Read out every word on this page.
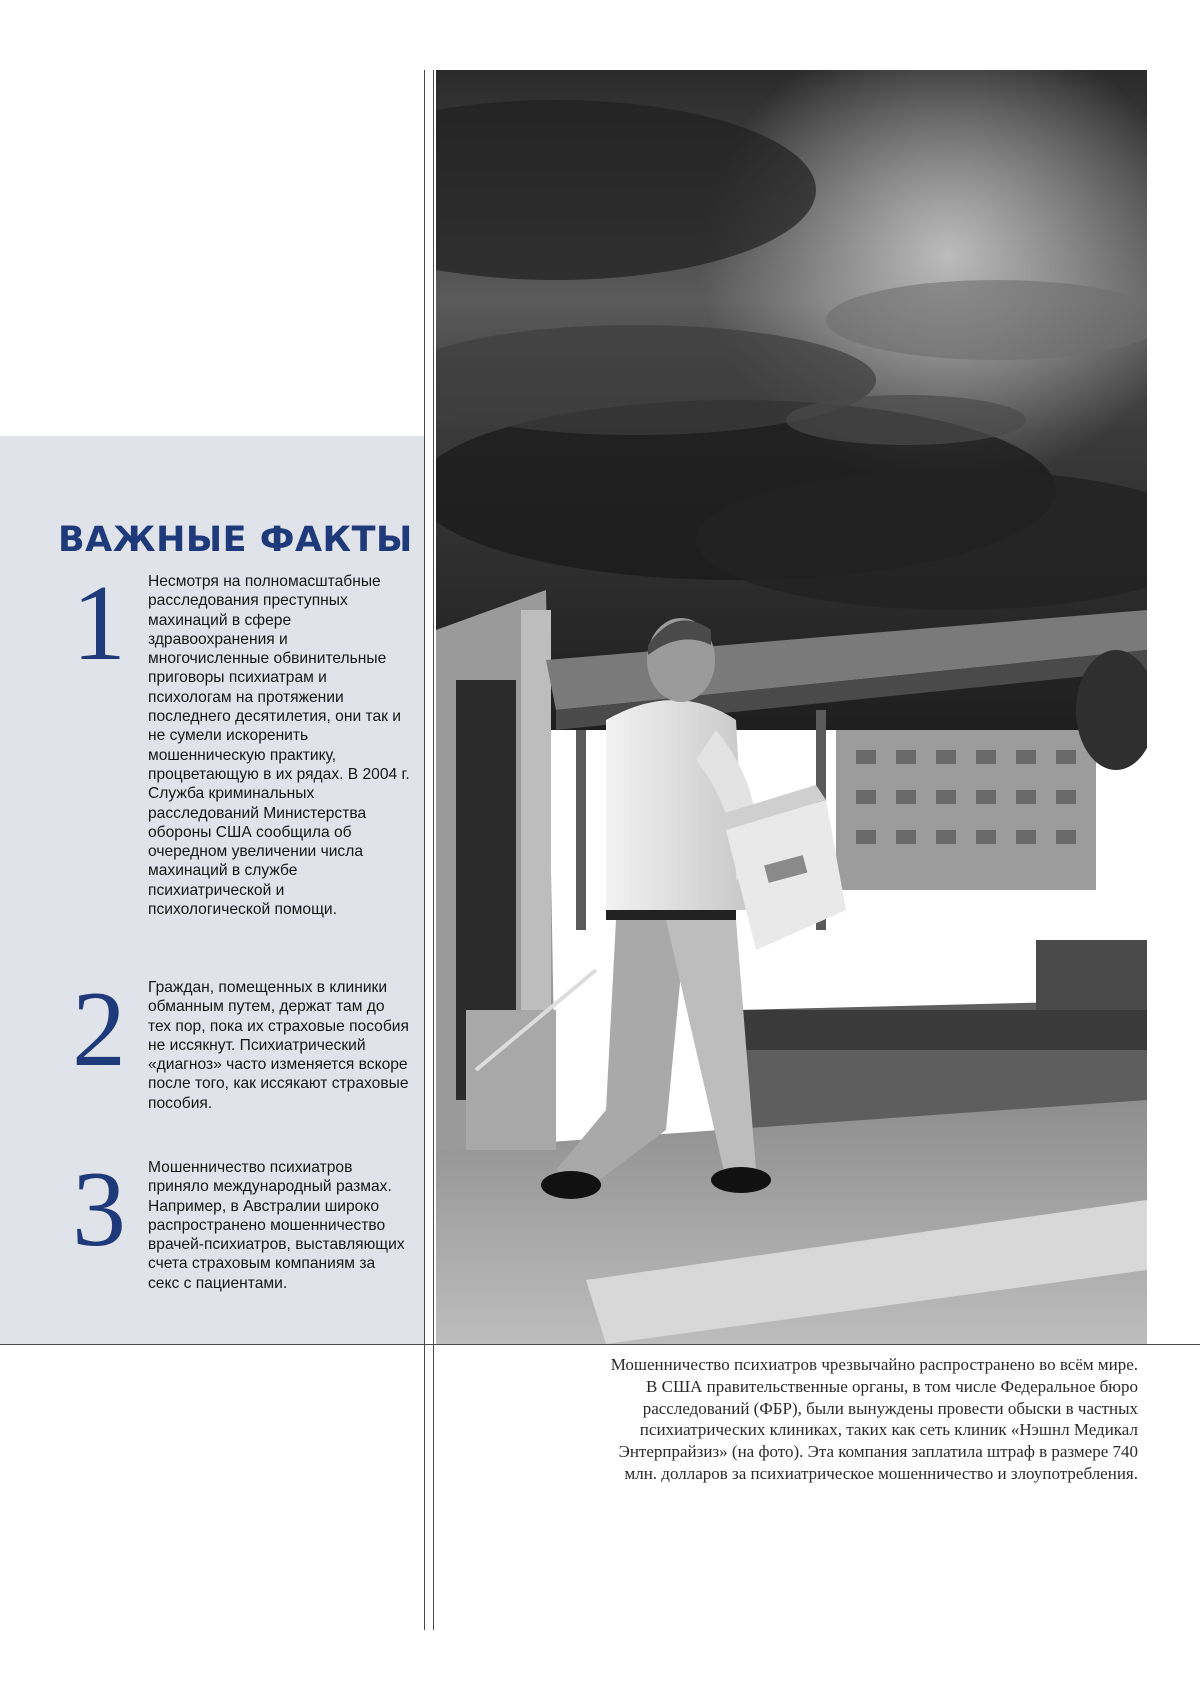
ВАЖНЫЕ ФАКТЫ
1 Несмотря на полномасштабные расследования преступных махинаций в сфере здравоохранения и многочисленные обвинительные приговоры психиатрам и психологам на протяжении последнего десятилетия, они так и не сумели искоренить мошенническую практику, процветающую в их рядах. В 2004 г. Служба криминальных расследований Министерства обороны США сообщила об очередном увеличении числа махинаций в службе психиатрической и психологической помощи.

2 Граждан, помещенных в клиники обманным путем, держат там до тех пор, пока их страховые пособия не иссякнут. Психиатрический «диагноз» часто изменяется вскоре после того, как иссякают страховые пособия.

3 Мошенничество психиатров приняло международный размах. Например, в Австралии широко распространено мошенничество врачей-психиатров, выставляющих счета страховым компаниям за секс с пациентами.

Мошенничество психиатров чрезвычайно распространено во всём мире. В США правительственные органы, в том числе Федеральное бюро расследований (ФБР), были вынуждены провести обыски в частных психиатрических клиниках, таких как сеть клиник «Нэшнл Медикал Энтерпрайзиз» (на фото). Эта компания заплатила штраф в размере 740 млн. долларов за психиатрическое мошенничество и злоупотребления.
